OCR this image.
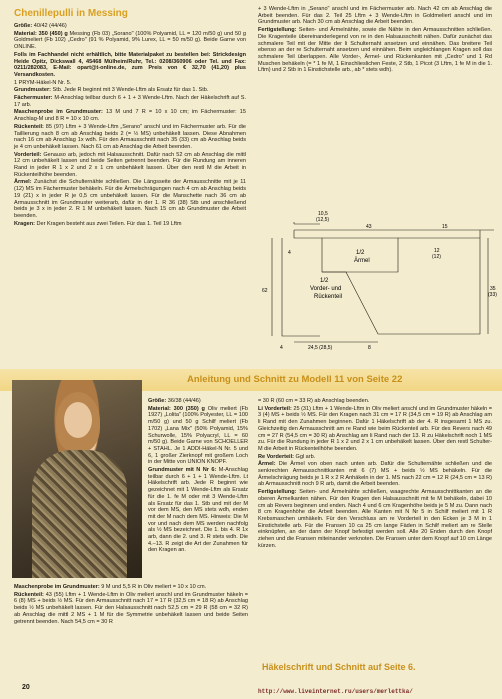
Chenillepulli in Messing

Größe: 40/42 (44/46)

Material: 350 (450) g Messing (Fb 03) „Sorano" (100% Polyamid, LL = 120 m/50 g) und 50 g Goldmeliert (Fb 102) „Cedro" (91 % Polyamid, 9% Lurex, LL = 50 m/50 g). Beide Garne von ONLINE.

Folls im Fachhandel nicht erhältlich, bitte Materialpaket zu bestellen bei: Strickdesign Heide Opitz, Dickswall 4, 45468 Mülheim/Ruhr, Tel.: 0208/360906 oder Tel. und Fax: 0211/282083, E-Mail: opart@t-online.de, zum Preis von € 32,70 (41,20) plus Versandkosten.

1 PRYM-Häkel-N Nr. 5.

Grundmuster: Stb. Jede R beginnt mit 3 Wende-Lftm als Ersatz für das 1. Stb.

Fächermuster: M-Anschlag teilbar durch 6 + 1 + 3 Wende-Lftm. Nach der Häkelschrift auf S. 17 arb.

Maschenprobe im Grundmuster: 13 M und 7 R = 10 x 10 cm; im Fächermuster: 15 Anschlag-M und 8 R = 10 x 10 cm.

Rückenteil: 85 (97) Lftm + 3 Wende-Lftm „Serano" anschl und im Fächermuster arb. Für die Taillierung nach 8 cm ab Anschlag beids 2 (= ½ MS) unbehäkelt lassen. Diese Abnahmen nach 16 cm ab Anschlag 1x wdh. Für den Armausschnitt nach 35 (33) cm ab Anschlag beids je 4 cm unbehäkelt lassen. Nach 61 cm ab Anschlag die Arbeit beenden.

Vorderteil: Genauso arb, jedoch mit Halsausschnitt. Dafür nach 52 cm ab Anschlag die mittl 12 cm unbehäkelt lassen und beide Seiten getrennt beenden. Für die Rundung am inneren Rand in jeder R 1 x 2 und 2 x 1 cm unbehäkelt lassen. Über den restl M die Arbeit in Rückenteilhöhe beenden.

Ärmel: Zunächst die Schulternähte schließen. Die Längsseite der Armausschnitte mit je 11 (12) MS im Fächermuster behäkeln. Für die Ärmelschrägungen nach 4 cm ab Anschlag beids 19 (21) x in jeder R je 0,5 cm unbehäkelt lassen. Für die Manschette nach 36 cm ab Armausschnitt im Grundmuster weiterarb, dafür in der 1. R 36 (38) Stb und anschließend beids je 3 x in jeder 2. R 1 M unbehäkelt lassen. Nach 15 cm ab Grundmuster die Arbeit beenden.

Kragen: Der Kragen besteht aus zwei Teilen. Für das 1. Teil 19 Lftm

+ 3 Wende-Lftm in „Serano" anschl und im Fächermuster arb. Nach 42 cm ab Anschlag die Arbeit beenden. Für das 2. Teil 25 Lftm + 3 Wende-Lftm in Goldmeliert anschl und im Grundmuster arb. Nach 30 cm ab Anschlag die Arbeit beenden.

Fertigstellung: Seiten- und Ärmelnähte, sowie die Nähte in den Armausschnitten schließen. Die Kragenteile übereinanderlegend von re in den Halsausschnitt nähen. Dafür zunächst das schmalere Teil mit der Mitte der li Schulternaht ansetzen und einnähen. Das breitere Teil ebenso an der re Schulternaht ansetzen und einnähen. Beim ungleichlangen Kragen soll das schmalere Teil überlappen. Alle Vorder-, Ärmel- und Rückenkanten mit „Cedro" und 1 Rd Muschen behäkeln (= * 1 fe M, 1 Einschlieslichen Feste, 2 Stb, 1 Picot (3 Lftm, 1 fe M in die 1. Lftm) und 2 Stb in 1 Einstichstelle arb., ab * stets wdh).

10,5
(12,5)
43	15
1/2
Ärmel
4
62
1/2
Vorder- und
Rückenteil
12
(12)
35
(33)
24,5 (28,5)
4	8
Anleitung und Schnitt zu Modell 11 von Seite 22

Größe: 36/38 (44/46)

Material: 300 (350) g Oliv meliert (Fb 1927) „Lolita" (100% Polyester, LL = 100 m/50 g) und 50 g Schilf meliert (Fb 1702) „Lana Mix" (50% Polyamid, 15% Schurwolle, 15% Polyacryl, LL = 60 m/50 g). Beide Garne von SCHOELLER + STAHL. Je 1 ADDI-Häkel-N Nr. 5 und 6, 1 großer Zierknopf mit großem Loch in der Mitte von UNION KNOPF.

Grundmuster mit N Nr 6: M-Anschlag teilbar durch 6 + 1 + 1 Wende-Lftm. Lt Häkelschrift arb. Jede R beginnt wie gezeichnet mit 1 Wende-Lftm als Ersatz für die 1. fe M oder mit 3 Wende-Lftm als Ersatz für das 1. Stb und mit der M vor dem MS, den MS stets wdh, enden mit der M nach dem MS. Hinweis: Die M vor und nach dem MS werden nachfolg als ½ MS bezeichnet. Die 1. bis 4. R 1x arb, dann die 2. und 3. R stets wdh. Die 4.–13. R zeigt die Art der Zunahmen für den Kragen an.

Maschenprobe im Grundmuster: 9 M und 5,5 R in Oliv meliert = 10 x 10 cm.

Rückenteil: 43 (55) Lftm + 1 Wende-Lftm in Oliv meliert anschl und im Grundmuster häkeln = 6 (8) MS + beids ½ MS. Für den Armausschnitt nach 17 = 17 R (32,5 cm = 18 R) ab Anschlag beids ½ MS unbehäkelt lassen. Für den Halsausschnitt nach 52,5 cm = 29 R (58 cm = 32 R) ab Anschlag die mittl 2 MS + 1 M für die Symmetrie unbehäkelt lassen und beide Seiten getrennt beenden. Nach 54,5 cm = 30 R

= 30 R (60 cm = 33 R) ab Anschlag beenden.

Li Vorderteil: 25 (31) Lftm + 1 Wende-Lftm in Oliv meliert anschl und im Grundmuster häkeln = 3 (4) MS + beids ½ MS. Für den Kragen nach 31 cm = 17 R (34,5 cm = 19 R) ab Anschlag am li Rand mit den Zunahmen beginnen. Dafür 1 Häkelschrift ab der 4. R insgesamt 1 MS zu. Gleichzeitig den Armausschnitt am re Rand wie beim Rückenteil arb. Für des Revers nach 49 cm = 27 R (54,5 cm = 30 R) ab Anschlag am li Rand nach der 13. R zu Häkelschrift noch 1 MS zu. Für die Rundung in jeder R 1 x 2 und 2 x 1 cm unbehäkelt lassen. Über den restl Schulter-M die Arbeit in Rückenteilhöhe beenden.

Re Vorderteil: Ggl arb.

Ärmel: Die Ärmel von oben nach unten arb. Dafür die Schulternähte schließen und die senkrechten Armausschnittkanten mit 6 (7) MS + beids ½ MS behäkeln. Für die Ärmelschrägung beids je 1 R x 2 R Anhäkeln in der 1. MS nach 22 cm = 12 R (24,5 cm = 13 R) ab Armausschnitt noch 9 R arb, damit die Arbeit beenden.

Fertigstellung: Seiten- und Ärmelnähte schließen, waagrechte Armausschnittkanten an die oberen Ärmelkanten nähen. Für den Kragen den Halsausschnitt mit fe M behäkeln, dabei 10 cm ab Revers beginnen und enden. Nach 4 und 6 cm Kragenhöhe beids je 5 M zu. Dann nach 8 cm Kragenhöhe die Arbeit beenden. Alle Kanten mit N Nr 5 in Schilf meliert mit 1 R Krebsmaschen umhäkeln. Für den Verschluss am re Vorderteil in den Ecken je 3 M in 1 Einstichstelle arb. Für die Fransen 10 ca 25 cm lange Fäden in Schilf meliert am re Stelle einknüpfen, an der dann der Knopf befestigt werden soll. Alle 20 Enden durch den Knopf ziehen und die Fransen miteinander verknoten. Die Fransen unter dem Knopf auf 10 cm Länge kürzen.

Häkelschrift und Schnitt auf Seite 6.
20
http://www.liveinternet.ru/users/merlettka/
